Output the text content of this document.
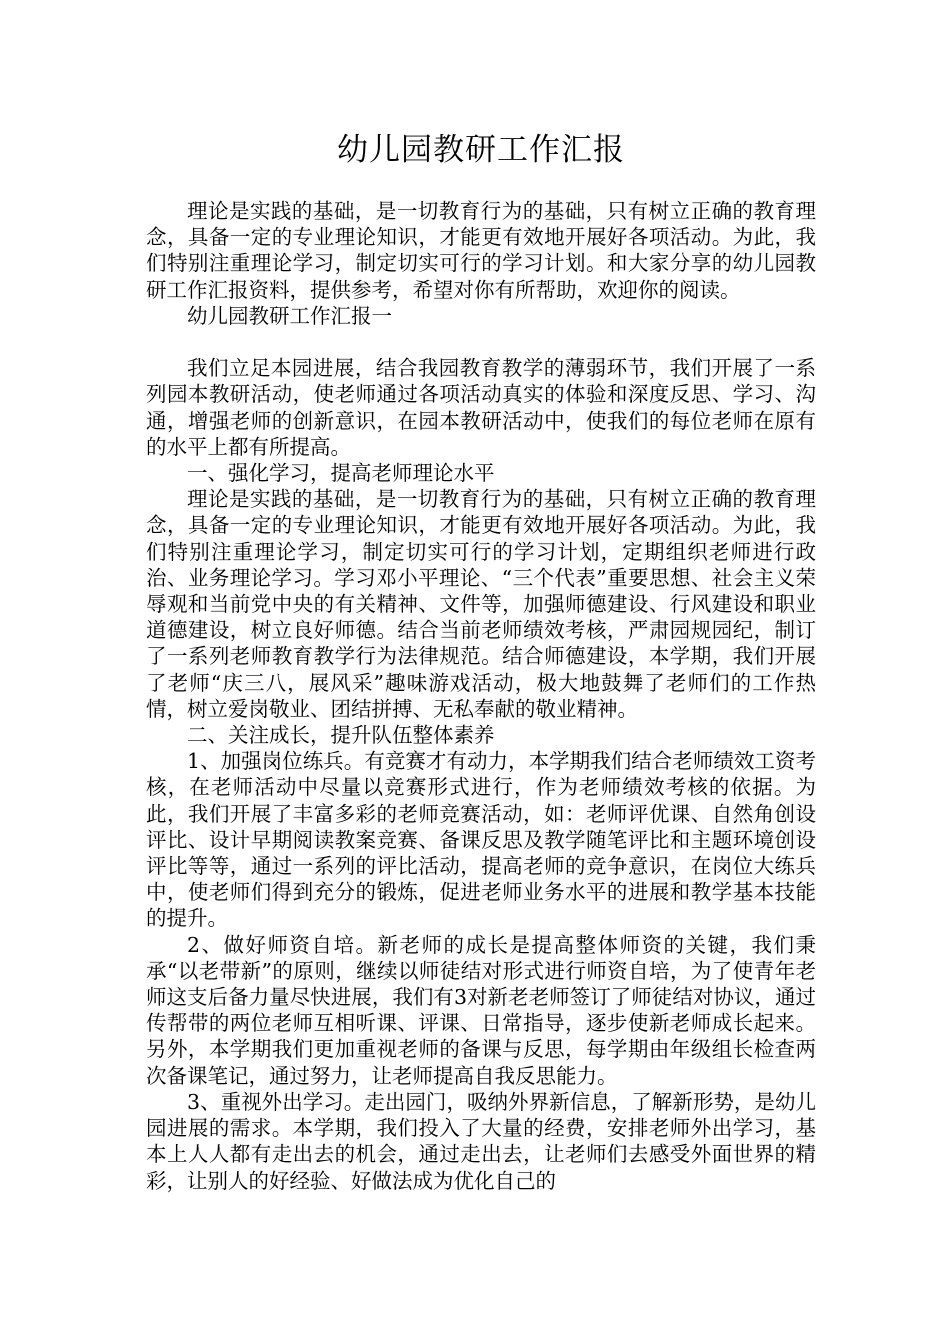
幼儿园教研工作汇报

理论是实践的基础，是一切教育行为的基础，只有树立正确的教育理念，具备一定的专业理论知识，才能更有效地开展好各项活动。为此，我们特别注重理论学习，制定切实可行的学习计划。和大家分享的幼儿园教研工作汇报资料，提供参考，希望对你有所帮助，欢迎你的阅读。

幼儿园教研工作汇报一

我们立足本园进展，结合我园教育教学的薄弱环节，我们开展了一系列园本教研活动，使老师通过各项活动真实的体验和深度反思、学习、沟通，增强老师的创新意识，在园本教研活动中，使我们的每位老师在原有的水平上都有所提高。

一、强化学习，提高老师理论水平

理论是实践的基础，是一切教育行为的基础，只有树立正确的教育理念，具备一定的专业理论知识，才能更有效地开展好各项活动。为此，我们特别注重理论学习，制定切实可行的学习计划，定期组织老师进行政治、业务理论学习。学习邓小平理论、“三个代表”重要思想、社会主义荣辱观和当前党中央的有关精神、文件等，加强师德建设、行风建设和职业道德建设，树立良好师德。结合当前老师绩效考核，严肃园规园纪，制订了一系列老师教育教学行为法律规范。结合师德建设，本学期，我们开展了老师“庆三八，展风采”趣味游戏活动，极大地鼓舞了老师们的工作热情，树立爱岗敬业、团结拼搏、无私奉献的敬业精神。

二、关注成长，提升队伍整体素养

1、加强岗位练兵。有竞赛才有动力，本学期我们结合老师绩效工资考核，在老师活动中尽量以竞赛形式进行，作为老师绩效考核的依据。为此，我们开展了丰富多彩的老师竞赛活动，如：老师评优课、自然角创设评比、设计早期阅读教案竞赛、备课反思及教学随笔评比和主题环境创设评比等等，通过一系列的评比活动，提高老师的竞争意识，在岗位大练兵中，使老师们得到充分的锻炼，促进老师业务水平的进展和教学基本技能的提升。

2、做好师资自培。新老师的成长是提高整体师资的关键，我们秉承“以老带新”的原则，继续以师徒结对形式进行师资自培，为了使青年老师这支后备力量尽快进展，我们有3对新老老师签订了师徒结对协议，通过传帮带的两位老师互相听课、评课、日常指导，逐步使新老师成长起来。另外，本学期我们更加重视老师的备课与反思，每学期由年级组长检查两次备课笔记，通过努力，让老师提高自我反思能力。

3、重视外出学习。走出园门，吸纳外界新信息，了解新形势，是幼儿园进展的需求。本学期，我们投入了大量的经费，安排老师外出学习，基本上人人都有走出去的机会，通过走出去，让老师们去感受外面世界的精彩，让别人的好经验、好做法成为优化自己的
